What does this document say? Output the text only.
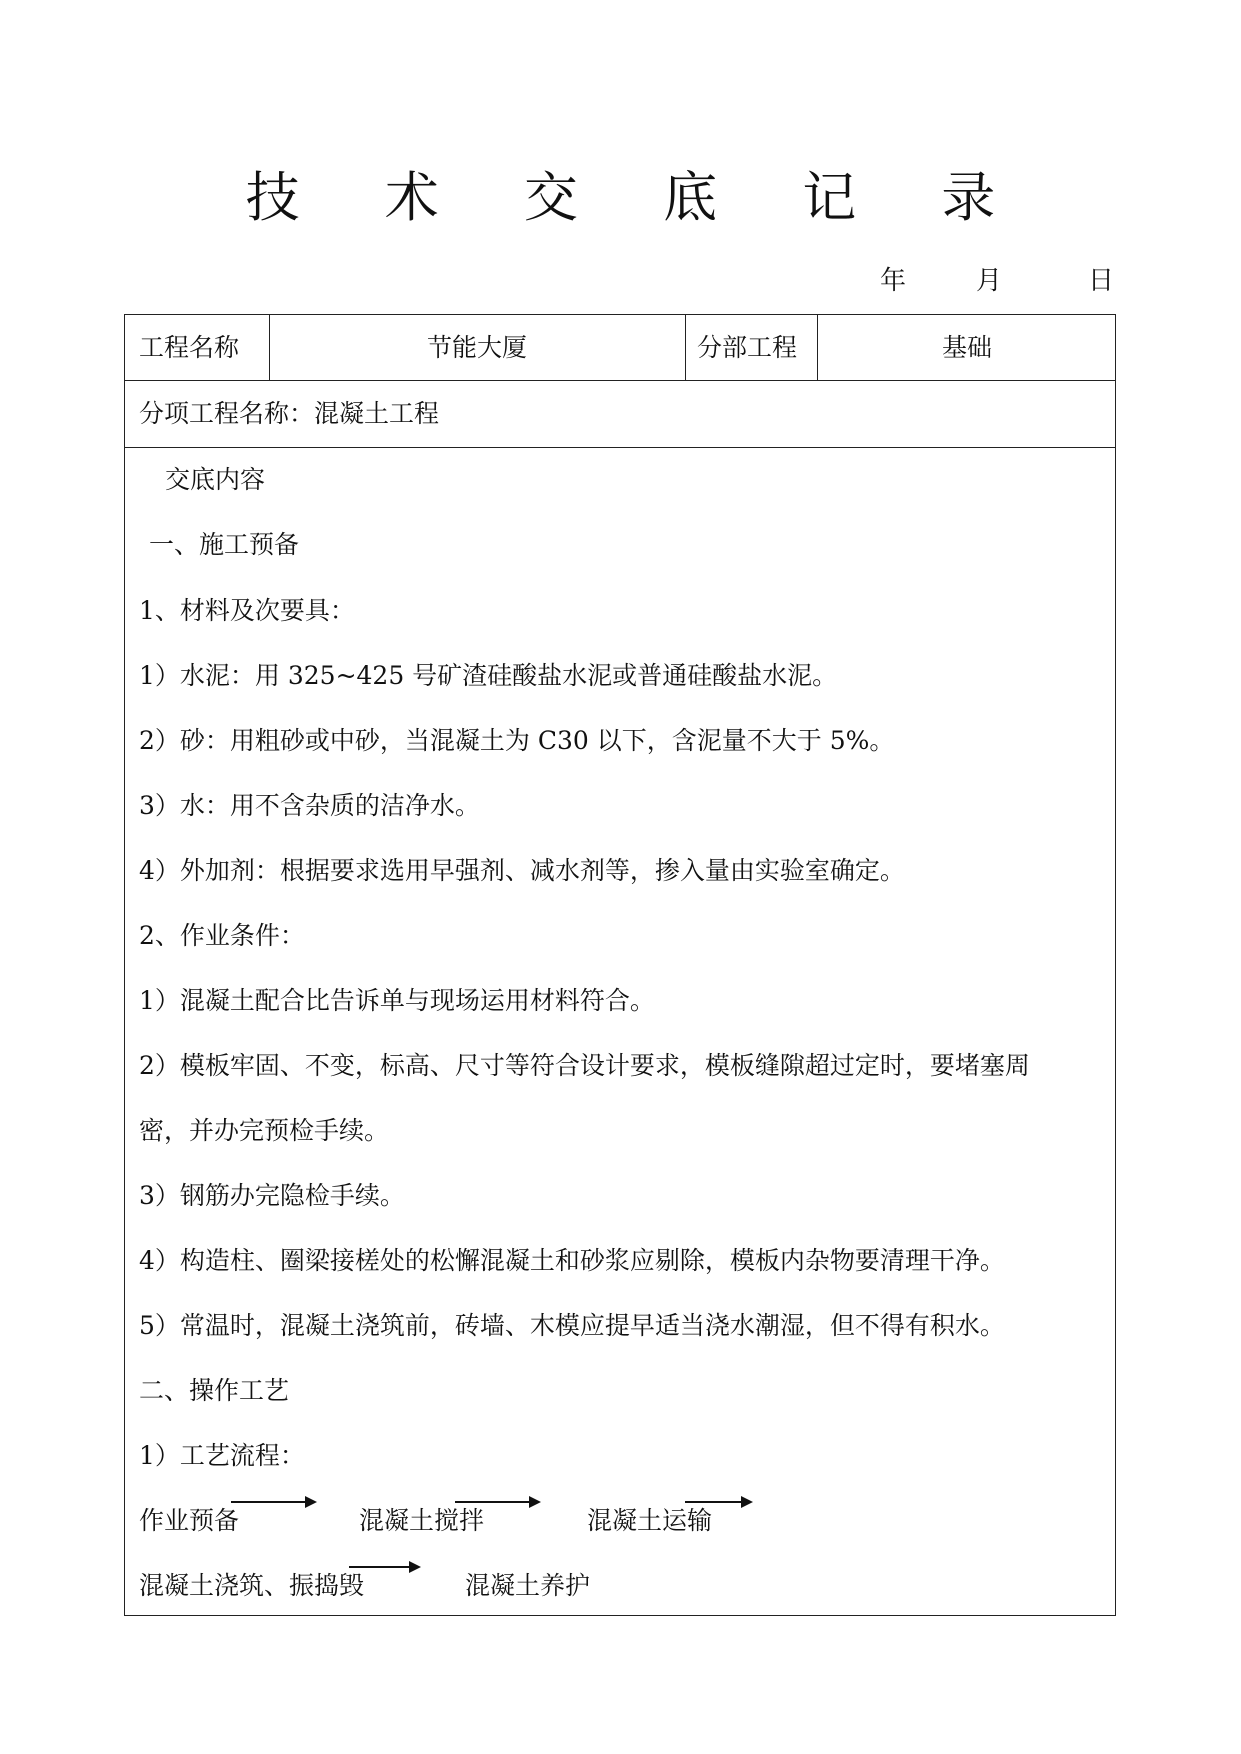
技 术 交 底 记 录
年	月	日
工程名称	节能大厦	分部工程	基础
分项工程名称：混凝土工程
交底内容
一、施工预备
1、材料及次要具：
1）水泥：用 325~425 号矿渣硅酸盐水泥或普通硅酸盐水泥。
2）砂：用粗砂或中砂，当混凝土为 C30 以下，含泥量不大于 5%。
3）水：用不含杂质的洁净水。
4）外加剂：根据要求选用早强剂、减水剂等，掺入量由实验室确定。
2、作业条件：
1）混凝土配合比告诉单与现场运用材料符合。
2）模板牢固、不变，标高、尺寸等符合设计要求，模板缝隙超过定时，要堵塞周
密，并办完预检手续。
3）钢筋办完隐检手续。
4）构造柱、圈梁接槎处的松懈混凝土和砂浆应剔除，模板内杂物要清理干净。
5）常温时，混凝土浇筑前，砖墙、木模应提早适当浇水潮湿，但不得有积水。
二、操作工艺
1）工艺流程：
作业预备	混凝土搅拌	混凝土运输
混凝土浇筑、振捣毁	混凝土养护
